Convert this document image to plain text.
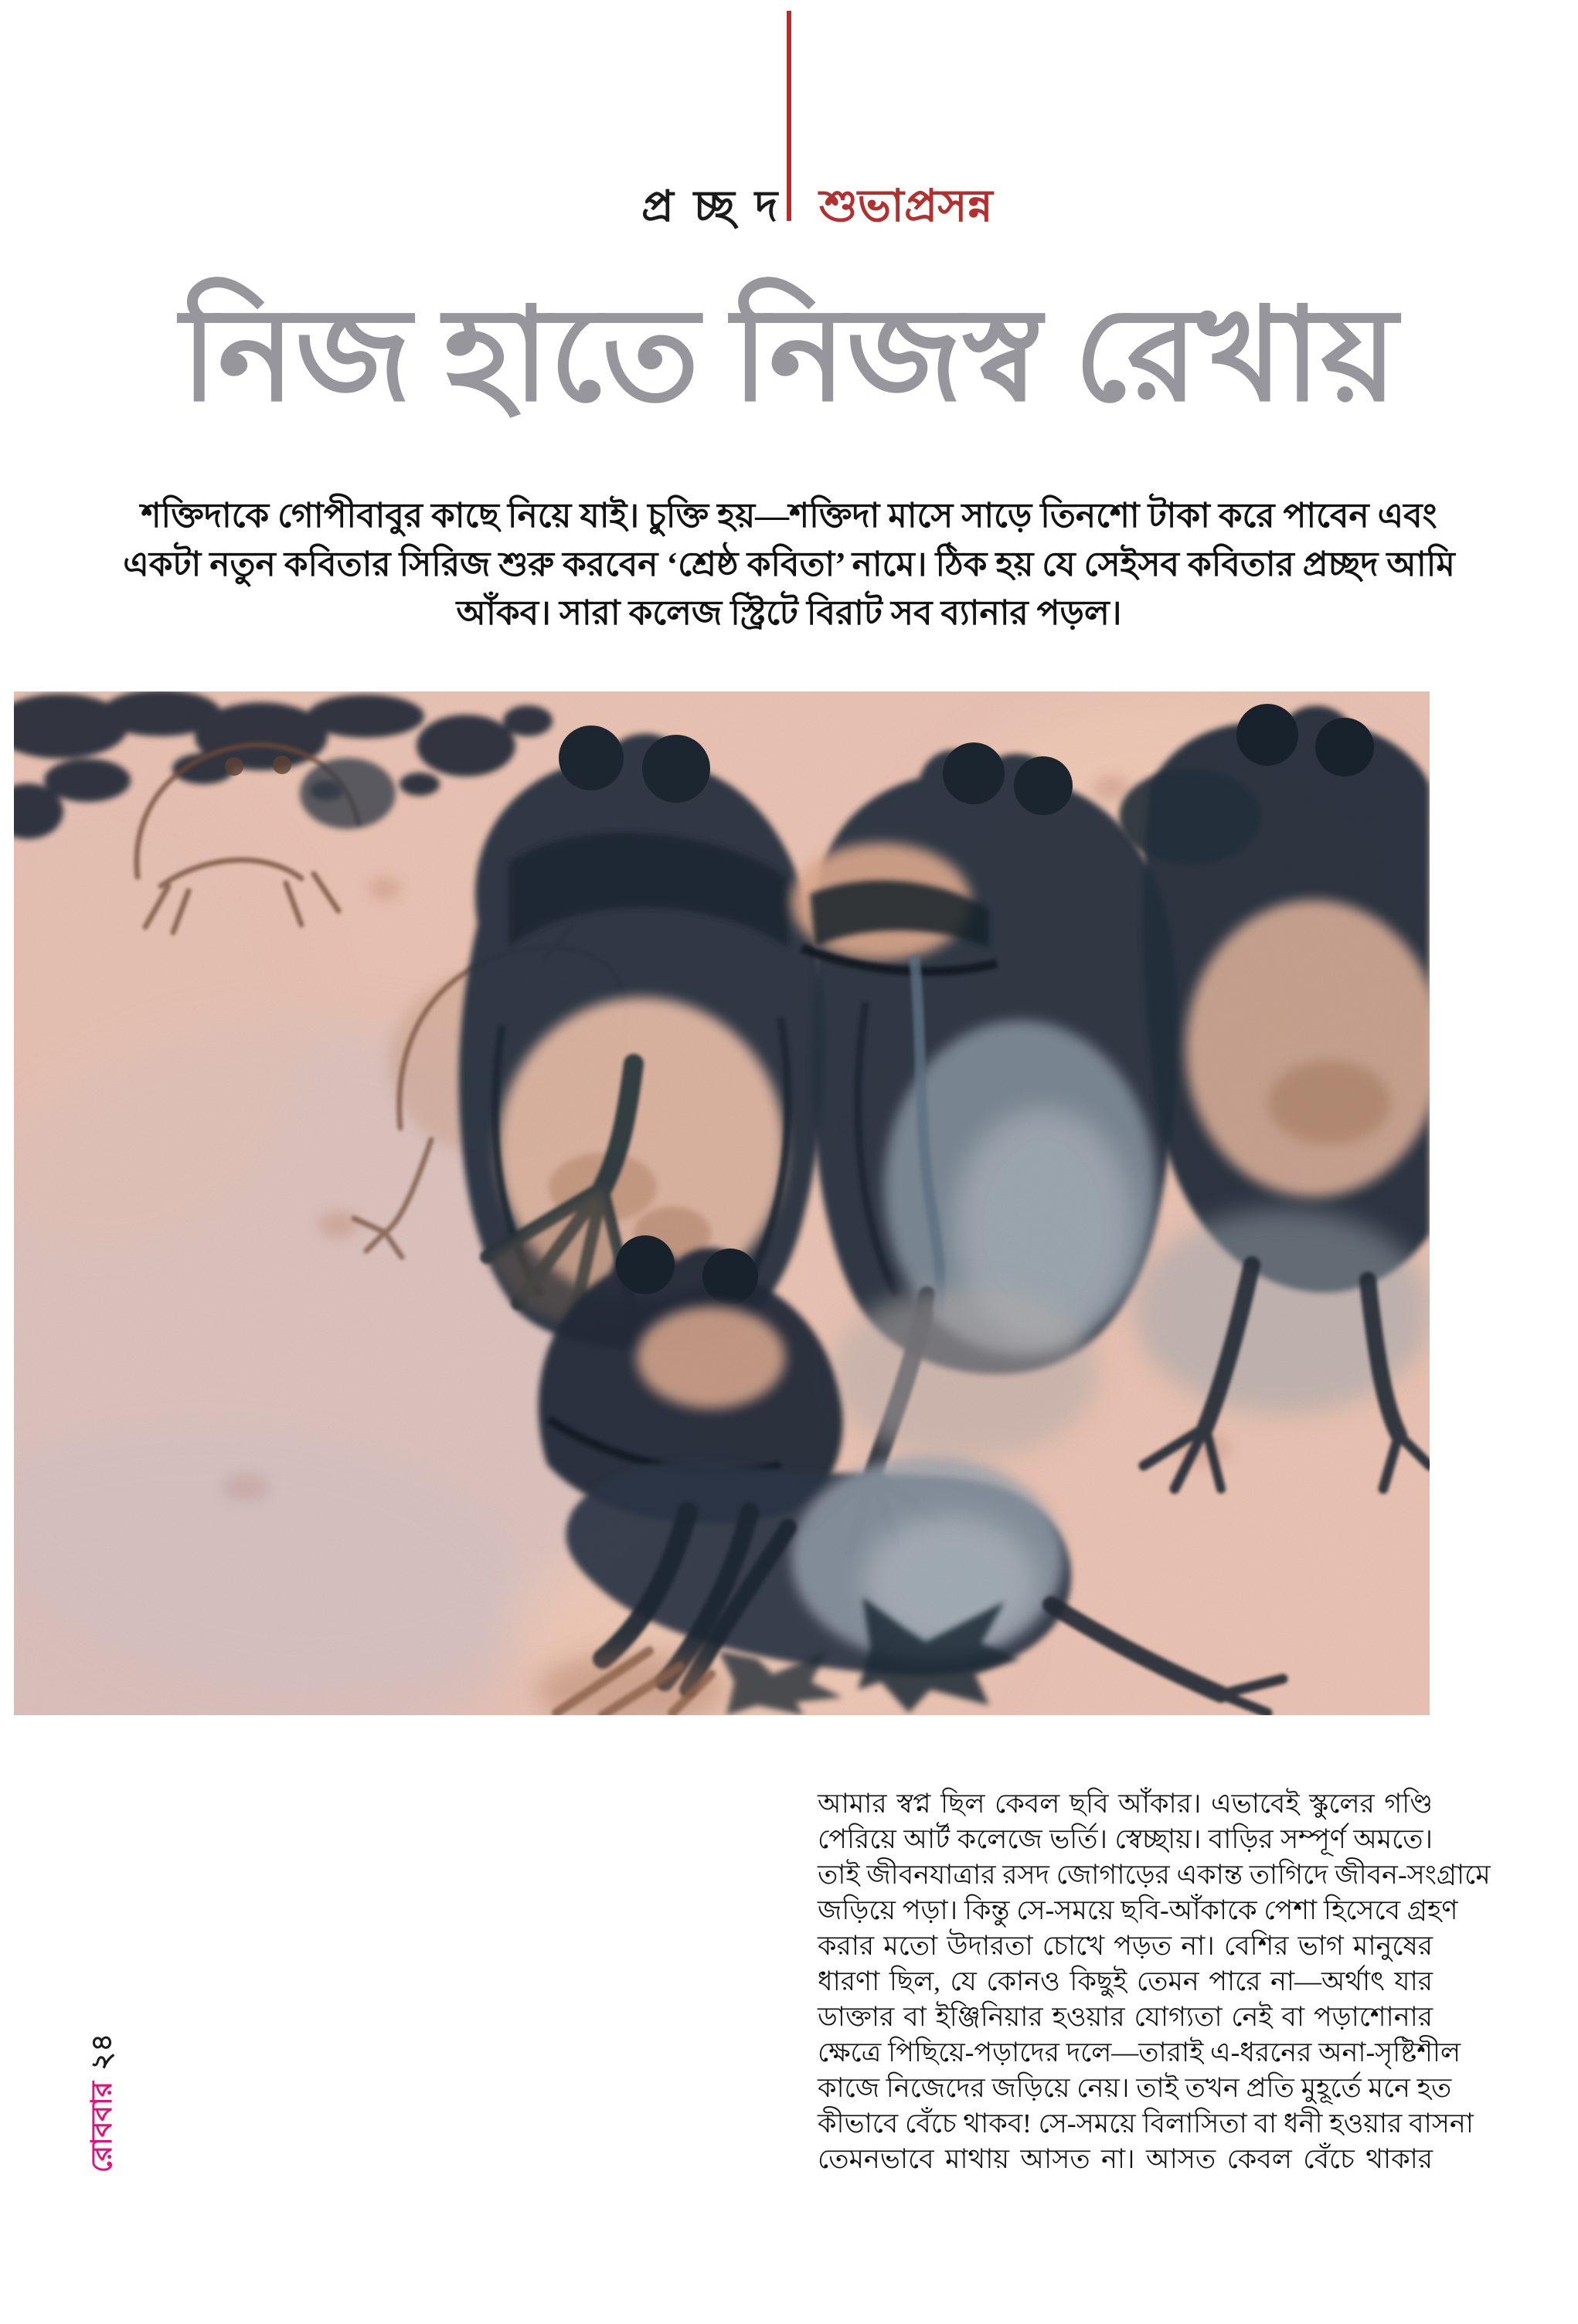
প্র চ্ছ দ শুভাপ্রসন্ন
নিজ হাতে নিজস্ব রেখায়
শক্তিদাকে গোপীবাবুর কাছে নিয়ে যাই। চুক্তি হয়—শক্তিদা মাসে সাড়ে তিনশো টাকা করে পাবেন এবং
একটা নতুন কবিতার সিরিজ শুরু করবেন ‘শ্রেষ্ঠ কবিতা’ নামে। ঠিক হয় যে সেইসব কবিতার প্রচ্ছদ আমি
আঁকব। সারা কলেজ স্ট্রিটে বিরাট সব ব্যানার পড়ল।
আমার স্বপ্ন ছিল কেবল ছবি আঁকার। এভাবেই স্কুলের গণ্ডি
পেরিয়ে আর্ট কলেজে ভর্তি। স্বেচ্ছায়। বাড়ির সম্পূর্ণ অমতে।
তাই জীবনযাত্রার রসদ জোগাড়ের একান্ত তাগিদে জীবন-সংগ্রামে
জড়িয়ে পড়া। কিন্তু সে-সময়ে ছবি-আঁকাকে পেশা হিসেবে গ্রহণ
করার মতো উদারতা চোখে পড়ত না। বেশির ভাগ মানুষের
ধারণা ছিল, যে কোনও কিছুই তেমন পারে না—অর্থাৎ যার
ডাক্তার বা ইঞ্জিনিয়ার হওয়ার যোগ্যতা নেই বা পড়াশোনার
ক্ষেত্রে পিছিয়ে-পড়াদের দলে—তারাই এ-ধরনের অনা-সৃষ্টিশীল
কাজে নিজেদের জড়িয়ে নেয়। তাই তখন প্রতি মুহূর্তে মনে হত
কীভাবে বেঁচে থাকব! সে-সময়ে বিলাসিতা বা ধনী হওয়ার বাসনা
তেমনভাবে মাথায় আসত না। আসত কেবল বেঁচে থাকার
রোববার২৪
